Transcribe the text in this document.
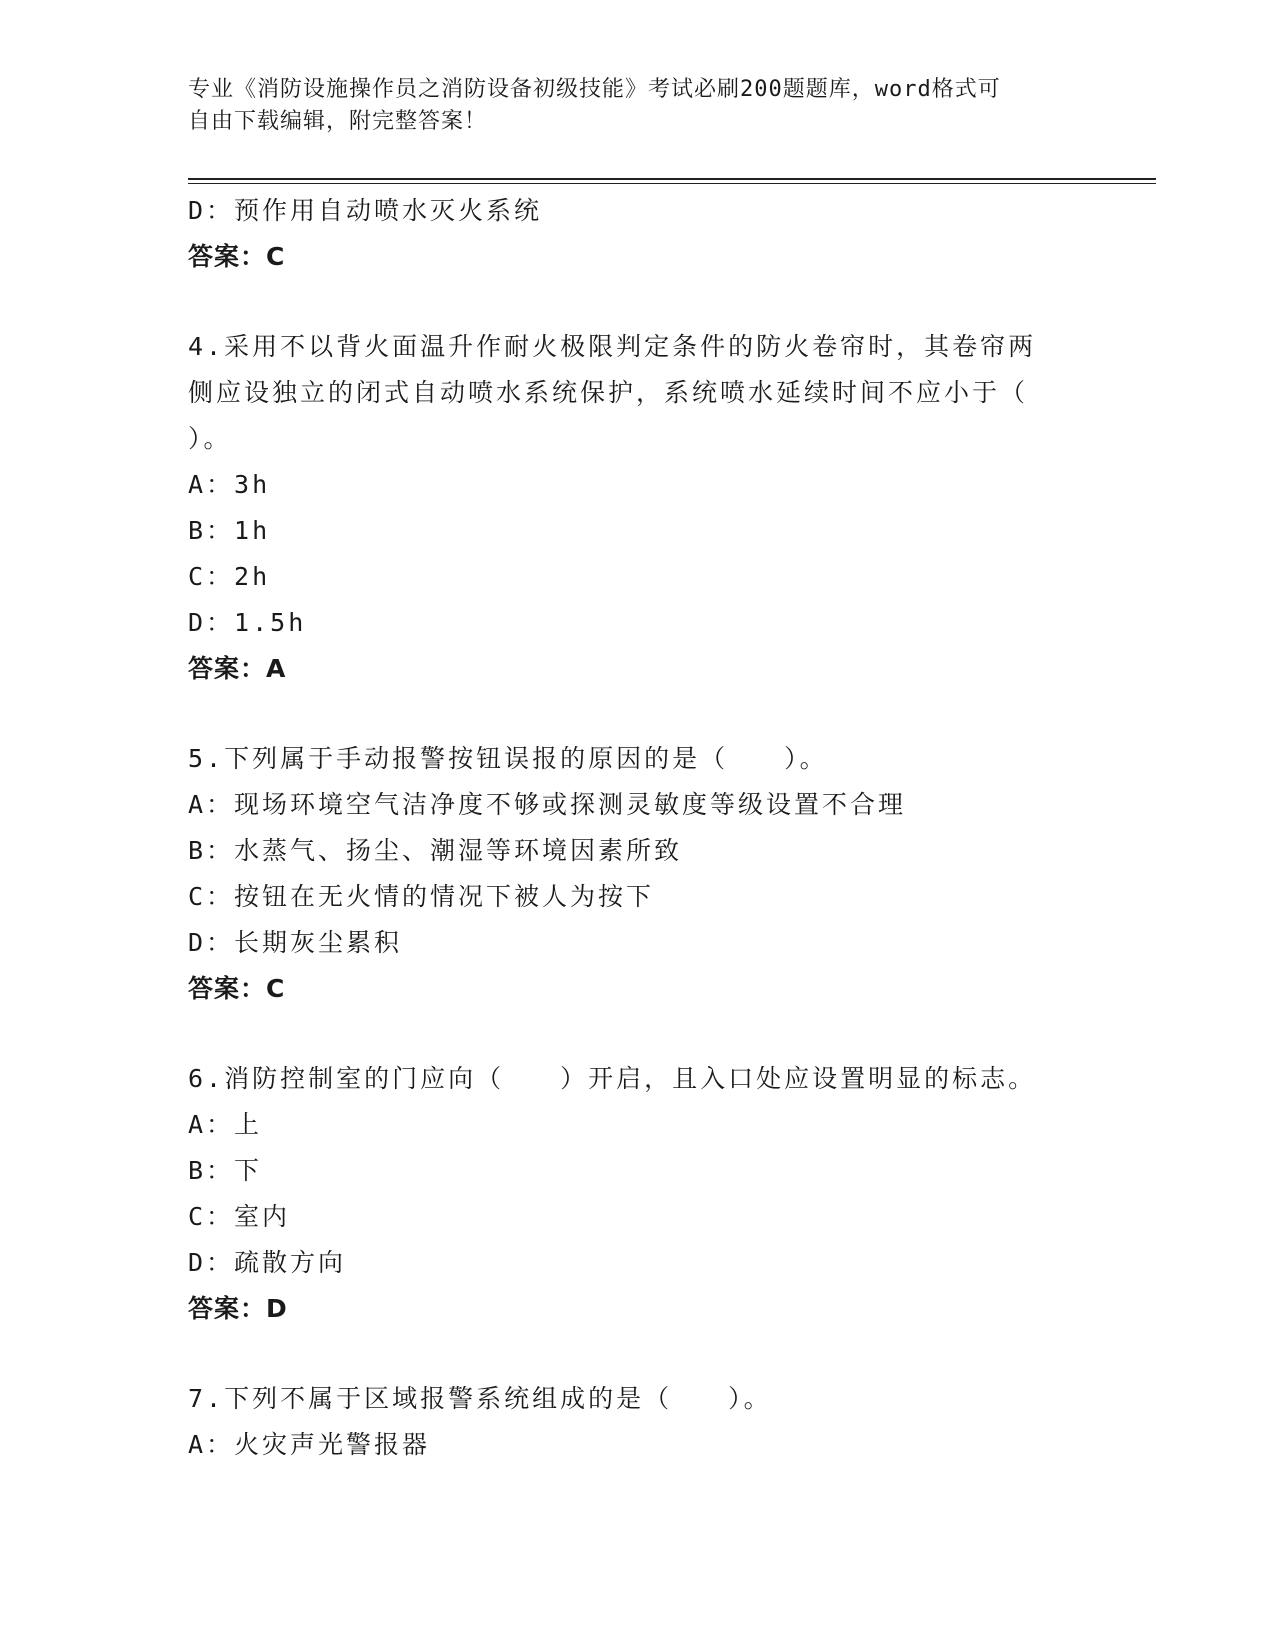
专业《消防设施操作员之消防设备初级技能》考试必刷200题题库，word格式可
自由下载编辑，附完整答案！
D：预作用自动喷水灭火系统
答案：C
4.采用不以背火面温升作耐火极限判定条件的防火卷帘时，其卷帘两
侧应设独立的闭式自动喷水系统保护，系统喷水延续时间不应小于（
）。
A：3h
B：1h
C：2h
D：1.5h
答案：A
5.下列属于手动报警按钮误报的原因的是（　　）。
A：现场环境空气洁净度不够或探测灵敏度等级设置不合理
B：水蒸气、扬尘、潮湿等环境因素所致
C：按钮在无火情的情况下被人为按下
D：长期灰尘累积
答案：C
6.消防控制室的门应向（　　）开启，且入口处应设置明显的标志。
A：上
B：下
C：室内
D：疏散方向
答案：D
7.下列不属于区域报警系统组成的是（　　）。
A：火灾声光警报器
